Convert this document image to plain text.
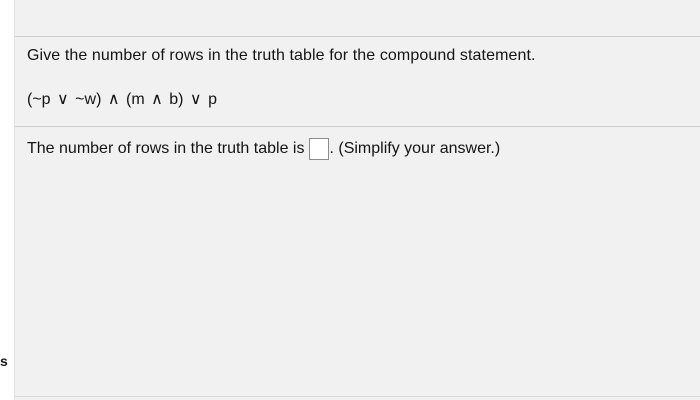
Give the number of rows in the truth table for the compound statement.
(~p ∨ ~w) ∧ (m ∧ b) ∨ p
The number of rows in the truth table is . (Simplify your answer.)
s
